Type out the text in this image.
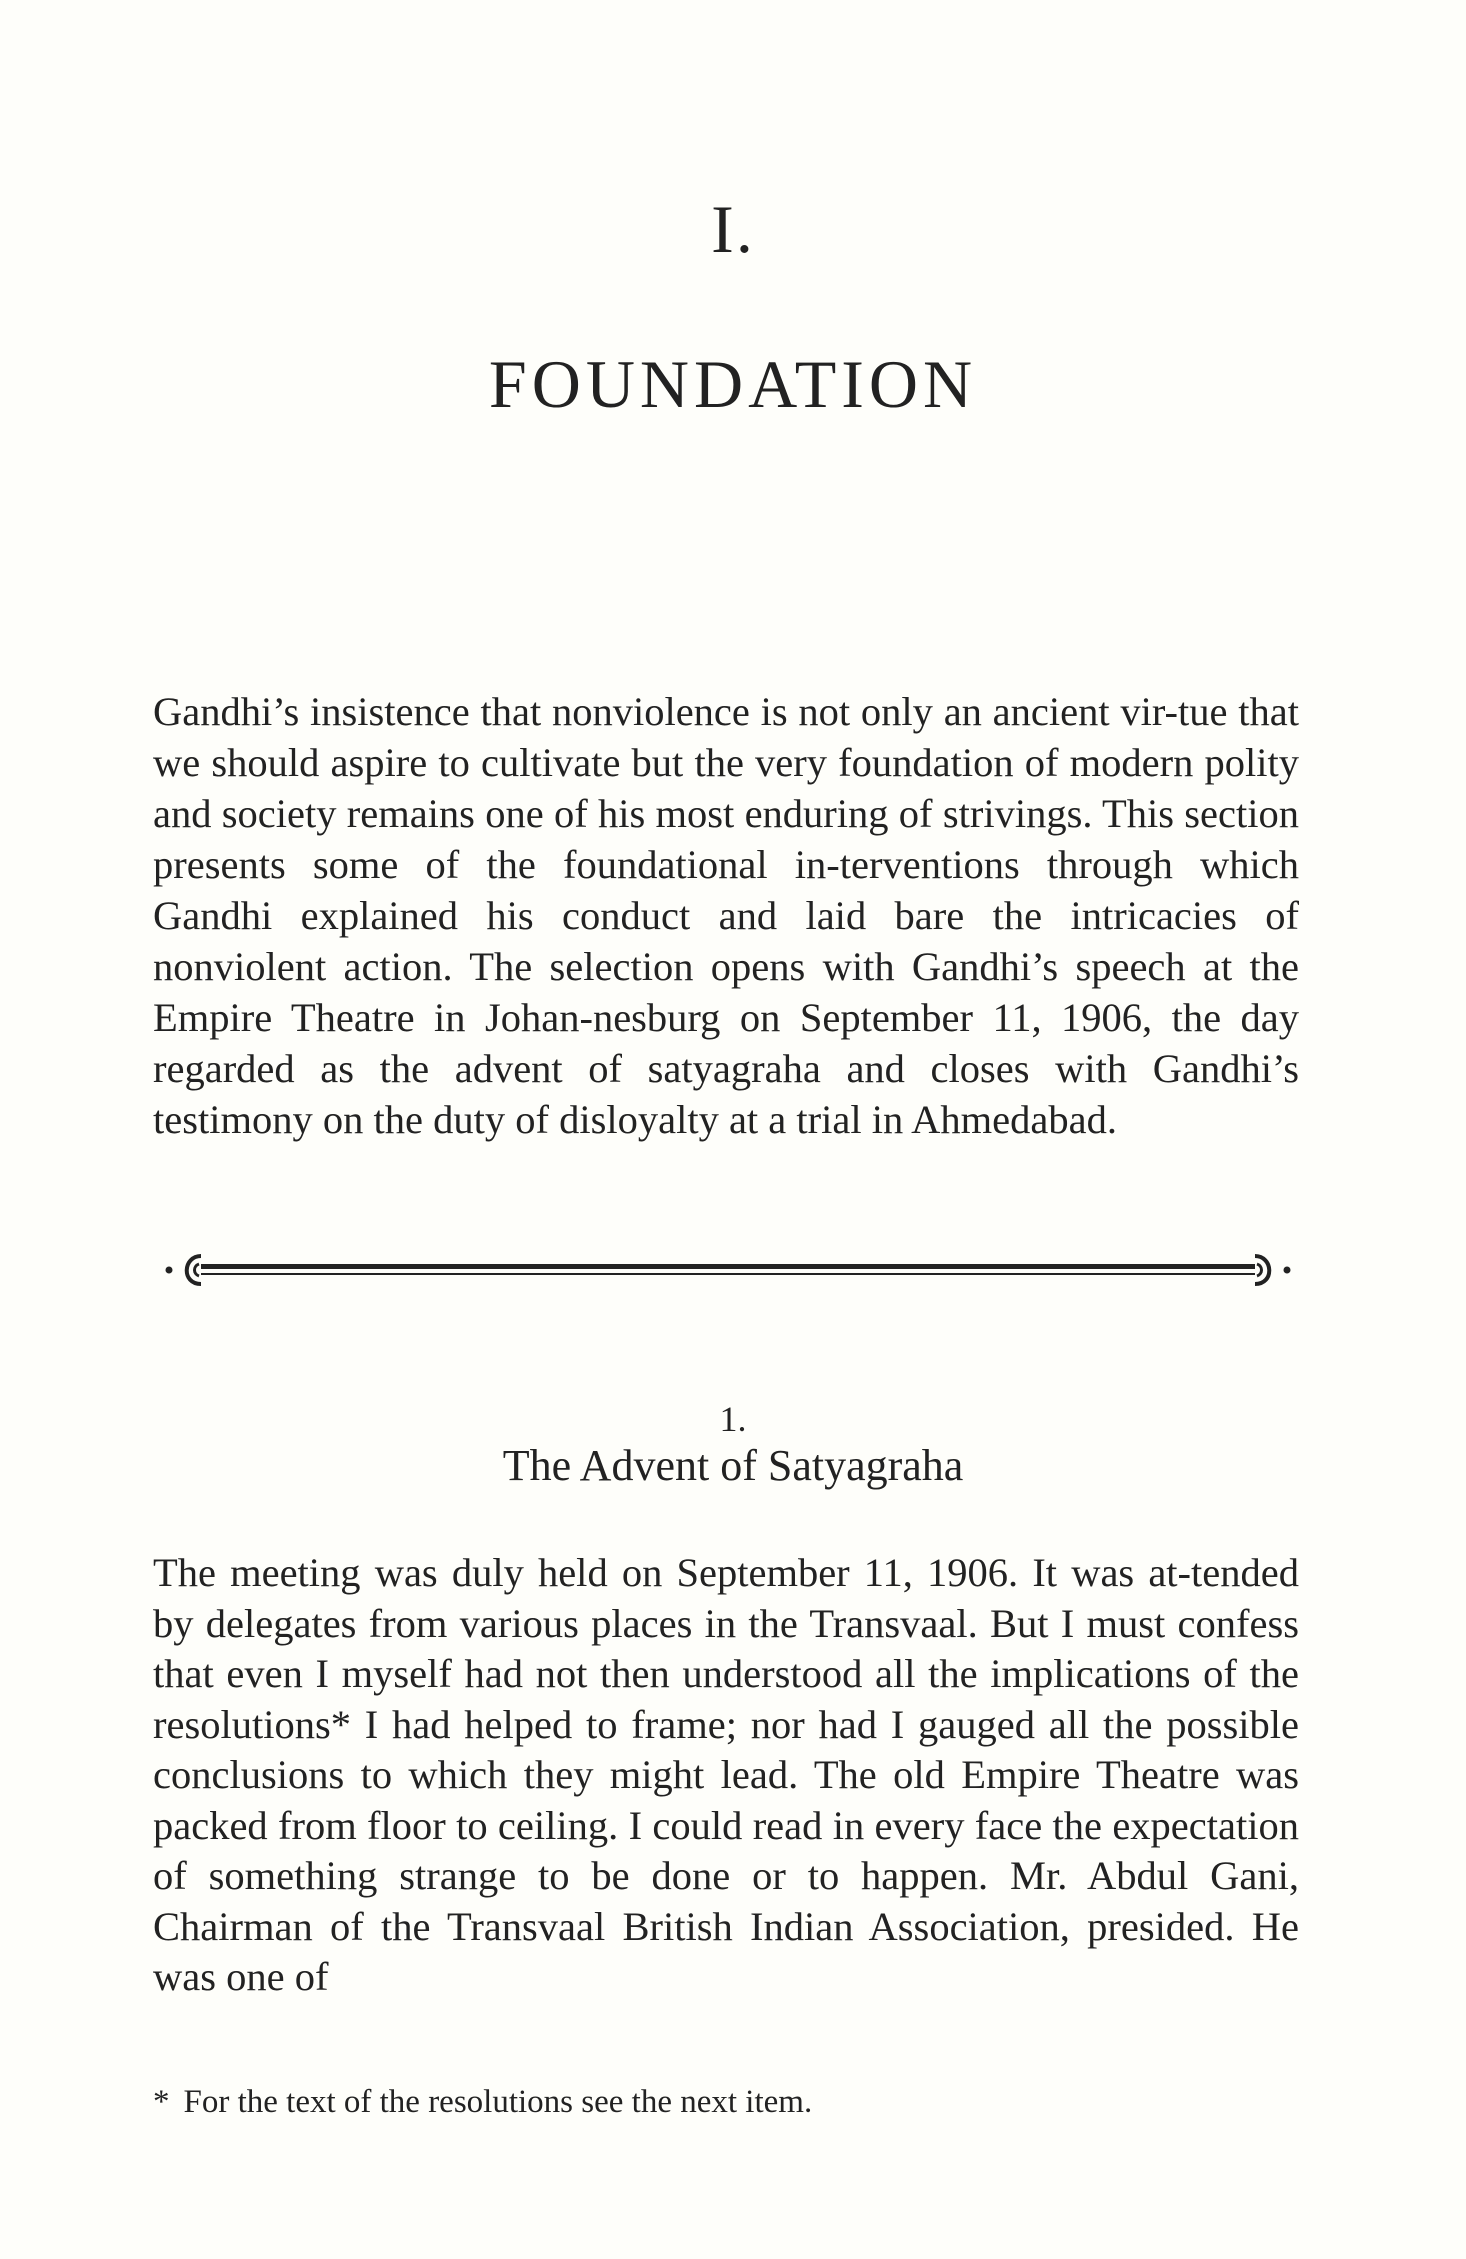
I.
FOUNDATION
Gandhi’s insistence that nonviolence is not only an ancient vir-tue that we should aspire to cultivate but the very foundation of modern polity and society remains one of his most enduring of strivings. This section presents some of the foundational in-terventions through which Gandhi explained his conduct and laid bare the intricacies of nonviolent action. The selection opens with Gandhi’s speech at the Empire Theatre in Johan-nesburg on September 11, 1906, the day regarded as the advent of satyagraha and closes with Gandhi’s testimony on the duty of disloyalty at a trial in Ahmedabad.
1.
The Advent of Satyagraha
The meeting was duly held on September 11, 1906. It was at-tended by delegates from various places in the Transvaal. But I must confess that even I myself had not then understood all the implications of the resolutions* I had helped to frame; nor had I gauged all the possible conclusions to which they might lead. The old Empire Theatre was packed from floor to ceiling. I could read in every face the expectation of something strange to be done or to happen. Mr. Abdul Gani, Chairman of the Transvaal British Indian Association, presided. He was one of
* For the text of the resolutions see the next item.
